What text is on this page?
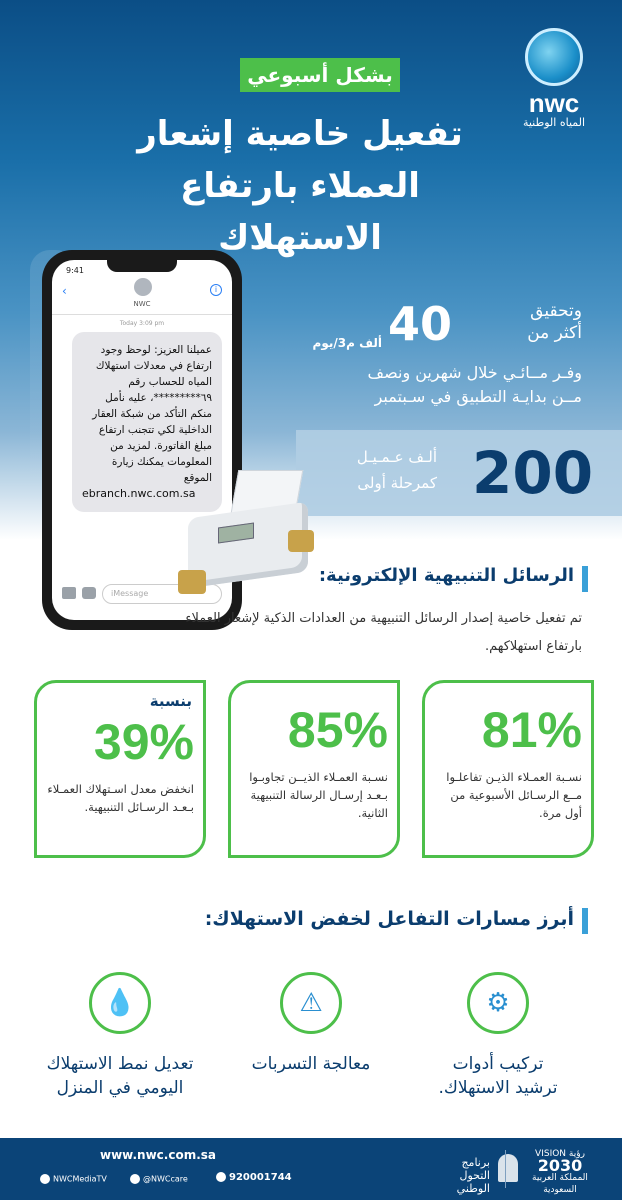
nwc
المياه الوطنية
بشكل أسبوعي
تفعيل خاصية إشعار
العملاء بارتفاع الاستهلاك
وتحقيق
أكثر من
40
ألف م3/يوم
وفـر مــائـي خلال شهرين ونصف
مــن بدايـة التطبيق في سـبتمبر
200
ألـف عـمـيـل
كمرحلة أولى
9:41
‹
NWC
i
Today 3:09 pm
عميلنا العزيز: لوحظ وجود ارتفاع في معدلات استهلاك المياه للحساب رقم ٦٩*********، عليه نأمل منكم التأكد من شبكة العقار الداخلية لكي تتجنب ارتفاع مبلغ الفاتورة. لمزيد من المعلومات يمكنك زيارة الموقع
ebranch.nwc.com.sa
iMessage
الرسائل التنبيهية الإلكترونية:
تم تفعيل خاصية إصدار الرسائل التنبيهية من العدادات الذكية لإشعار العملاء بارتفاع استهلاكهم.
81%
نسـبة العمـلاء الذيـن تفاعلـوا مــع الرسـائل الأسبوعية من أول مرة.
85%
نسـبة العمـلاء الذيــن تجاوبـوا بـعـد إرسـال الرسالة التنبيهية الثانية.
بنسبة
39%
انخفض معدل اسـتهلاك العمـلاء بـعـد الرسـائل التنبيهية.
أبرز مسارات التفاعل لخفض الاستهلاك:
⚙
تركيب أدوات
ترشيد الاستهلاك.
⚠
معالجة التسربات
💧
تعديل نمط الاستهلاك
اليومي في المنزل
www.nwc.com.sa
NWCMediaTV	@NWCcare	920001744
برنامج التحول الوطني
VISION رؤية
2030
المملكة العربية السعودية
